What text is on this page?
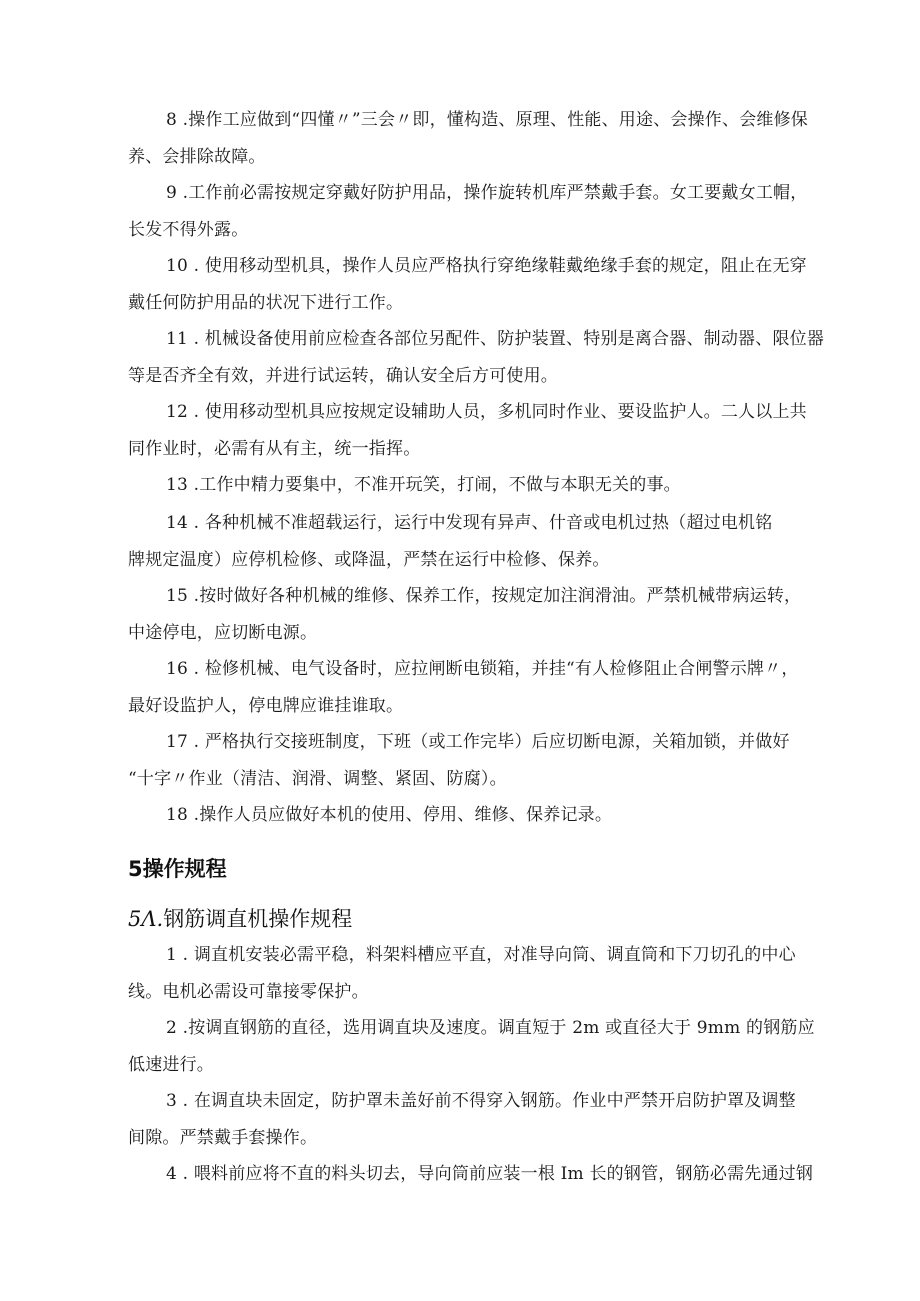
8 .操作工应做到“四懂〃”三会〃即，懂构造、原理、性能、用途、会操作、会维修保
养、会排除故障。
9 .工作前必需按规定穿戴好防护用品，操作旋转机库严禁戴手套。女工要戴女工帽，
长发不得外露。
10 . 使用移动型机具，操作人员应严格执行穿绝缘鞋戴绝缘手套的规定，阻止在无穿
戴任何防护用品的状况下进行工作。
11 . 机械设备使用前应检查各部位另配件、防护装置、特别是离合器、制动器、限位器
等是否齐全有效，并进行试运转，确认安全后方可使用。
12 . 使用移动型机具应按规定设辅助人员，多机同时作业、要设监护人。二人以上共
同作业时，必需有从有主，统一指挥。
13 .工作中精力要集中，不准开玩笑，打闹，不做与本职无关的事。
14 . 各种机械不准超载运行，运行中发现有异声、什音或电机过热（超过电机铭
牌规定温度）应停机检修、或降温，严禁在运行中检修、保养。
15 .按时做好各种机械的维修、保养工作，按规定加注润滑油。严禁机械带病运转，
中途停电，应切断电源。
16 . 检修机械、电气设备时，应拉闸断电锁箱，并挂“有人检修阻止合闸警示牌〃，
最好设监护人，停电牌应谁挂谁取。
17 . 严格执行交接班制度，下班（或工作完毕）后应切断电源，关箱加锁，并做好
“十字〃作业（清洁、润滑、调整、紧固、防腐）。
18 .操作人员应做好本机的使用、停用、维修、保养记录。
5操作规程
5Λ.钢筋调直机操作规程
1 . 调直机安装必需平稳，料架料槽应平直，对准导向筒、调直筒和下刀切孔的中心
线。电机必需设可靠接零保护。
2 .按调直钢筋的直径，选用调直块及速度。调直短于 2m 或直径大于 9mm 的钢筋应
低速进行。
3 . 在调直块未固定，防护罩未盖好前不得穿入钢筋。作业中严禁开启防护罩及调整
间隙。严禁戴手套操作。
4 . 喂料前应将不直的料头切去，导向筒前应装一根 Im 长的钢管，钢筋必需先通过钢
